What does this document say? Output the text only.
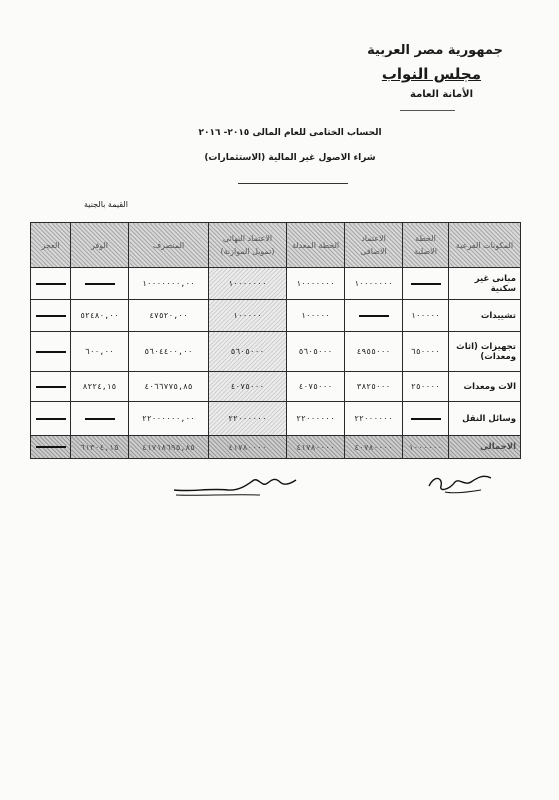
جمهورية مصر العربية
مجلس النواب
الأمانة العامة
الحساب الختامى للعام المالى ٢٠١٥- ٢٠١٦
شراء الاصول غير المالية (الاستثمارات)
القيمة بالجنية
المكونات الفرعية	الخطة الاصلية	الاعتماد الاضافى	الخطة المعدلة	الاعتماد النهائى (تمويل الموازنة)	المنصرف	الوفر	العجز
مبانى غير سكنية		١٠٠٠٠٠٠٠	١٠٠٠٠٠٠٠	١٠٠٠٠٠٠٠	١٠٠٠٠٠٠٠,٠٠		
تشييدات	١٠٠٠٠٠		١٠٠٠٠٠	١٠٠٠٠٠	٤٧٥٢٠,٠٠	٥٢٤٨٠,٠٠	
تجهيزات (اثاث ومعدات)	٦٥٠٠٠٠	٤٩٥٥٠٠٠	٥٦٠٥٠٠٠	٥٦٠٥٠٠٠	٥٦٠٤٤٠٠,٠٠	٦٠٠,٠٠	
الات ومعدات	٢٥٠٠٠٠	٣٨٢٥٠٠٠	٤٠٧٥٠٠٠	٤٠٧٥٠٠٠	٤٠٦٦٧٧٥,٨٥	٨٢٢٤,١٥	
وسائل النقل		٢٢٠٠٠٠٠٠	٢٢٠٠٠٠٠٠	٢٢٠٠٠٠٠٠	٢٢٠٠٠٠٠٠,٠٠		
الاجمالى	١٠٠٠٠٠٠	٤٠٧٨٠٠٠٠	٤١٧٨٠٠٠٠	٤١٧٨٠٠٠٠	٤١٧١٨٦٩٥,٨٥	٦١٣٠٤,١٥	
